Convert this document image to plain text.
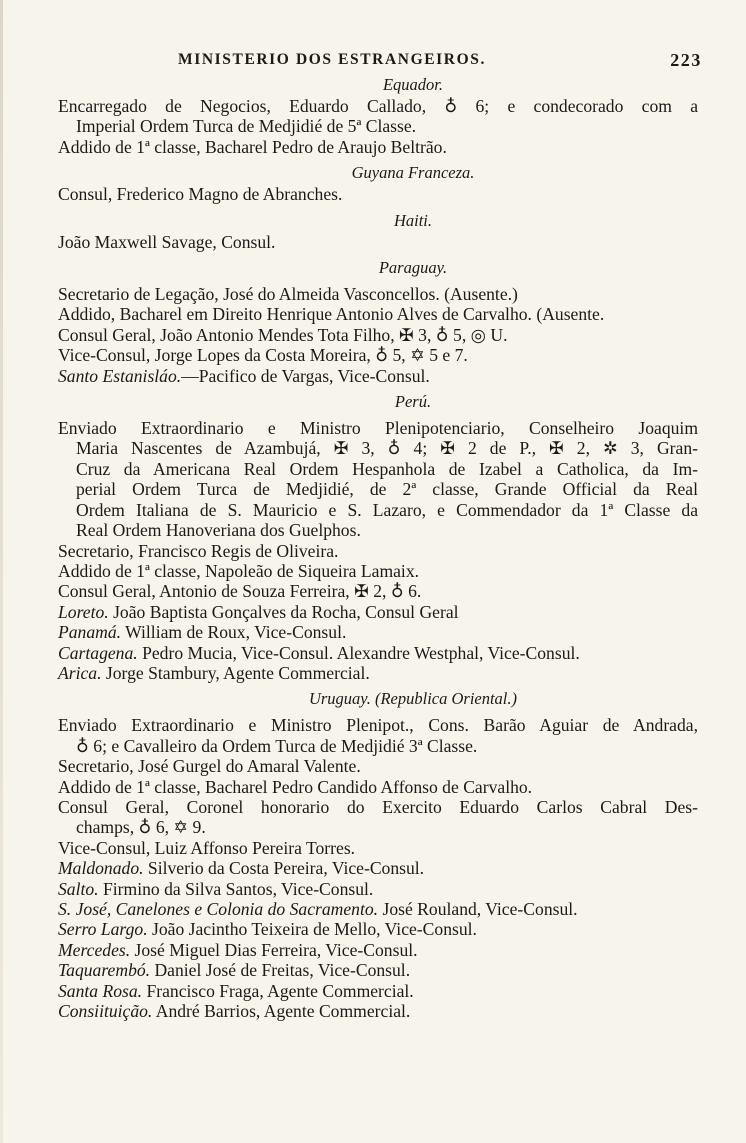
MINISTERIO DOS ESTRANGEIROS.	223
Equador.
Encarregado de Negocios, Eduardo Callado, ♁ 6; e condecorado com a
Imperial Ordem Turca de Medjidié de 5ª Classe.
Addido de 1ª classe, Bacharel Pedro de Araujo Beltrão.
Guyana Franceza.
Consul, Frederico Magno de Abranches.
Haiti.
João Maxwell Savage, Consul.
Paraguay.
Secretario de Legação, José do Almeida Vasconcellos. (Ausente.)
Addido, Bacharel em Direito Henrique Antonio Alves de Carvalho. (Ausente.
Consul Geral, João Antonio Mendes Tota Filho, ✠ 3, ♁ 5, ◎ U.
Vice-Consul, Jorge Lopes da Costa Moreira, ♁ 5, ✡ 5 e 7.
Santo Estanisláo.—Pacifico de Vargas, Vice-Consul.
Perú.
Enviado Extraordinario e Ministro Plenipotenciario, Conselheiro Joaquim
Maria Nascentes de Azambujá, ✠ 3, ♁ 4; ✠ 2 de P., ✠ 2, ✲ 3, Gran-
Cruz da Americana Real Ordem Hespanhola de Izabel a Catholica, da Im-
perial Ordem Turca de Medjidié, de 2ª classe, Grande Official da Real
Ordem Italiana de S. Mauricio e S. Lazaro, e Commendador da 1ª Classe da
Real Ordem Hanoveriana dos Guelphos.
Secretario, Francisco Regis de Oliveira.
Addido de 1ª classe, Napoleão de Siqueira Lamaix.
Consul Geral, Antonio de Souza Ferreira, ✠ 2, ♁ 6.
Loreto. João Baptista Gonçalves da Rocha, Consul Geral
Panamá. William de Roux, Vice-Consul.
Cartagena. Pedro Mucia, Vice-Consul. Alexandre Westphal, Vice-Consul.
Arica. Jorge Stambury, Agente Commercial.
Uruguay. (Republica Oriental.)
Enviado Extraordinario e Ministro Plenipot., Cons. Barão Aguiar de Andrada,
♁ 6; e Cavalleiro da Ordem Turca de Medjidié 3ª Classe.
Secretario, José Gurgel do Amaral Valente.
Addido de 1ª classe, Bacharel Pedro Candido Affonso de Carvalho.
Consul Geral, Coronel honorario do Exercito Eduardo Carlos Cabral Des-
champs, ♁ 6, ✡ 9.
Vice-Consul, Luiz Affonso Pereira Torres.
Maldonado. Silverio da Costa Pereira, Vice-Consul.
Salto. Firmino da Silva Santos, Vice-Consul.
S. José, Canelones e Colonia do Sacramento. José Rouland, Vice-Consul.
Serro Largo. João Jacintho Teixeira de Mello, Vice-Consul.
Mercedes. José Miguel Dias Ferreira, Vice-Consul.
Taquarembó. Daniel José de Freitas, Vice-Consul.
Santa Rosa. Francisco Fraga, Agente Commercial.
Consiituição. André Barrios, Agente Commercial.
